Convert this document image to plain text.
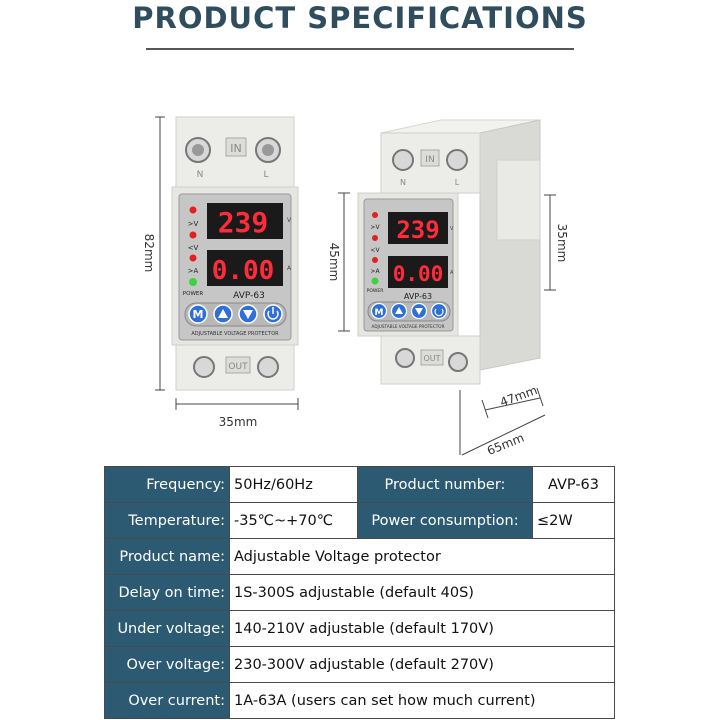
PRODUCT SPECIFICATIONS
IN
N	L
>V
<V
>A
POWER
239	V
0.00 A
AVP-63
M
ADJUSTABLE VOLTAGE PROTECTOR
OUT
82mm
35mm
IN
N	L
>V
<V
>A
POWER
239 V
0.00 A
AVP-63
M
ADJUSTABLE VOLTAGE PROTECTOR
OUT
45mm	35mm
47mm
65mm
Frequency:	50Hz/60Hz	Product number:	AVP-63
Temperature:	-35℃~+70℃	Power consumption:	≤2W
Product name:	Adjustable Voltage protector		
Delay on time:	1S-300S adjustable (default 40S)		
Under voltage:	140-210V adjustable (default 170V)		
Over voltage:	230-300V adjustable (default 270V)		
Over current:	1A-63A (users can set how much current)		
